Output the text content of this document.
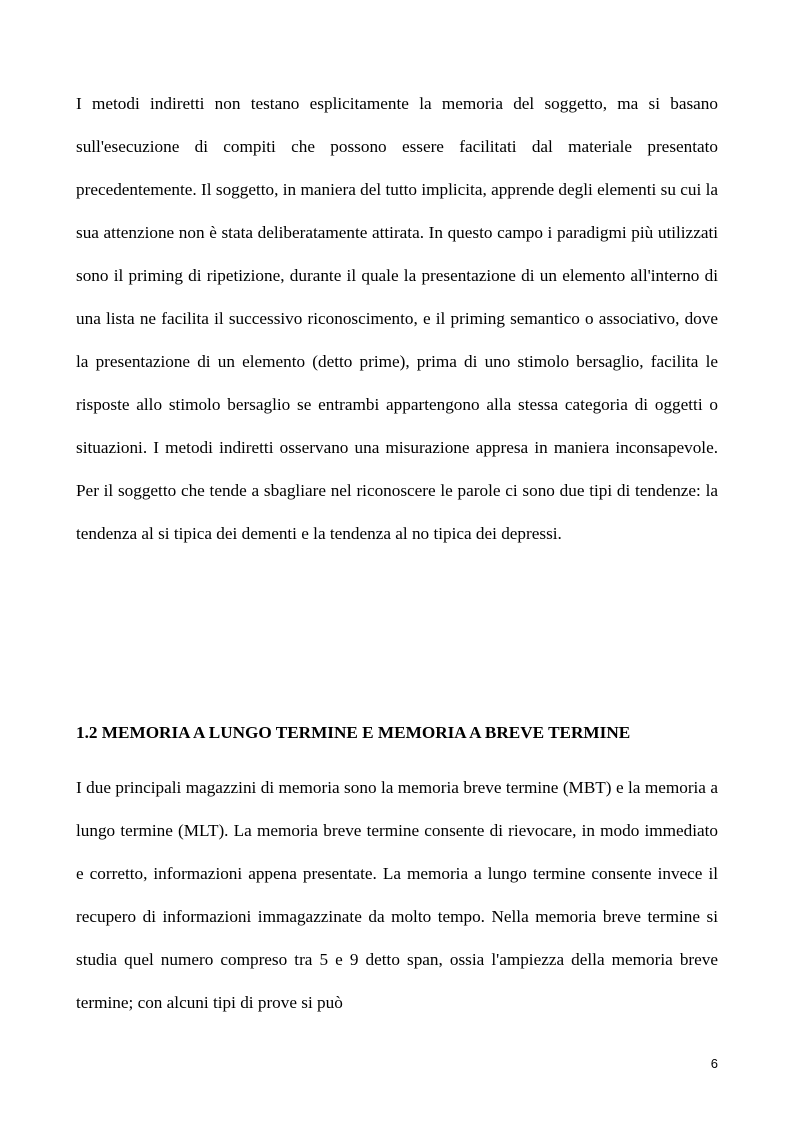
I metodi indiretti non testano esplicitamente la memoria del soggetto, ma si basano sull'esecuzione di compiti che possono essere facilitati dal materiale presentato precedentemente. Il soggetto, in maniera del tutto implicita, apprende degli elementi su cui la sua attenzione non è stata deliberatamente attirata. In questo campo i paradigmi più utilizzati sono il priming di ripetizione, durante il quale la presentazione di un elemento all'interno di una lista ne facilita il successivo riconoscimento, e il priming semantico o associativo, dove la presentazione di un elemento (detto prime), prima di uno stimolo bersaglio, facilita le risposte allo stimolo bersaglio se entrambi appartengono alla stessa categoria di oggetti o situazioni. I metodi indiretti osservano una misurazione appresa in maniera inconsapevole. Per il soggetto che tende a sbagliare nel riconoscere le parole ci sono due tipi di tendenze: la tendenza al si tipica dei dementi e la tendenza al no tipica dei depressi.

1.2 MEMORIA A LUNGO TERMINE E MEMORIA A BREVE TERMINE

I due principali magazzini di memoria sono la memoria breve termine (MBT) e la memoria a lungo termine (MLT). La memoria breve termine consente di rievocare, in modo immediato e corretto, informazioni appena presentate. La memoria a lungo termine consente invece il recupero di informazioni immagazzinate da molto tempo. Nella memoria breve termine si studia quel numero compreso tra 5 e 9 detto span, ossia l'ampiezza della memoria breve termine; con alcuni tipi di prove si può

6
